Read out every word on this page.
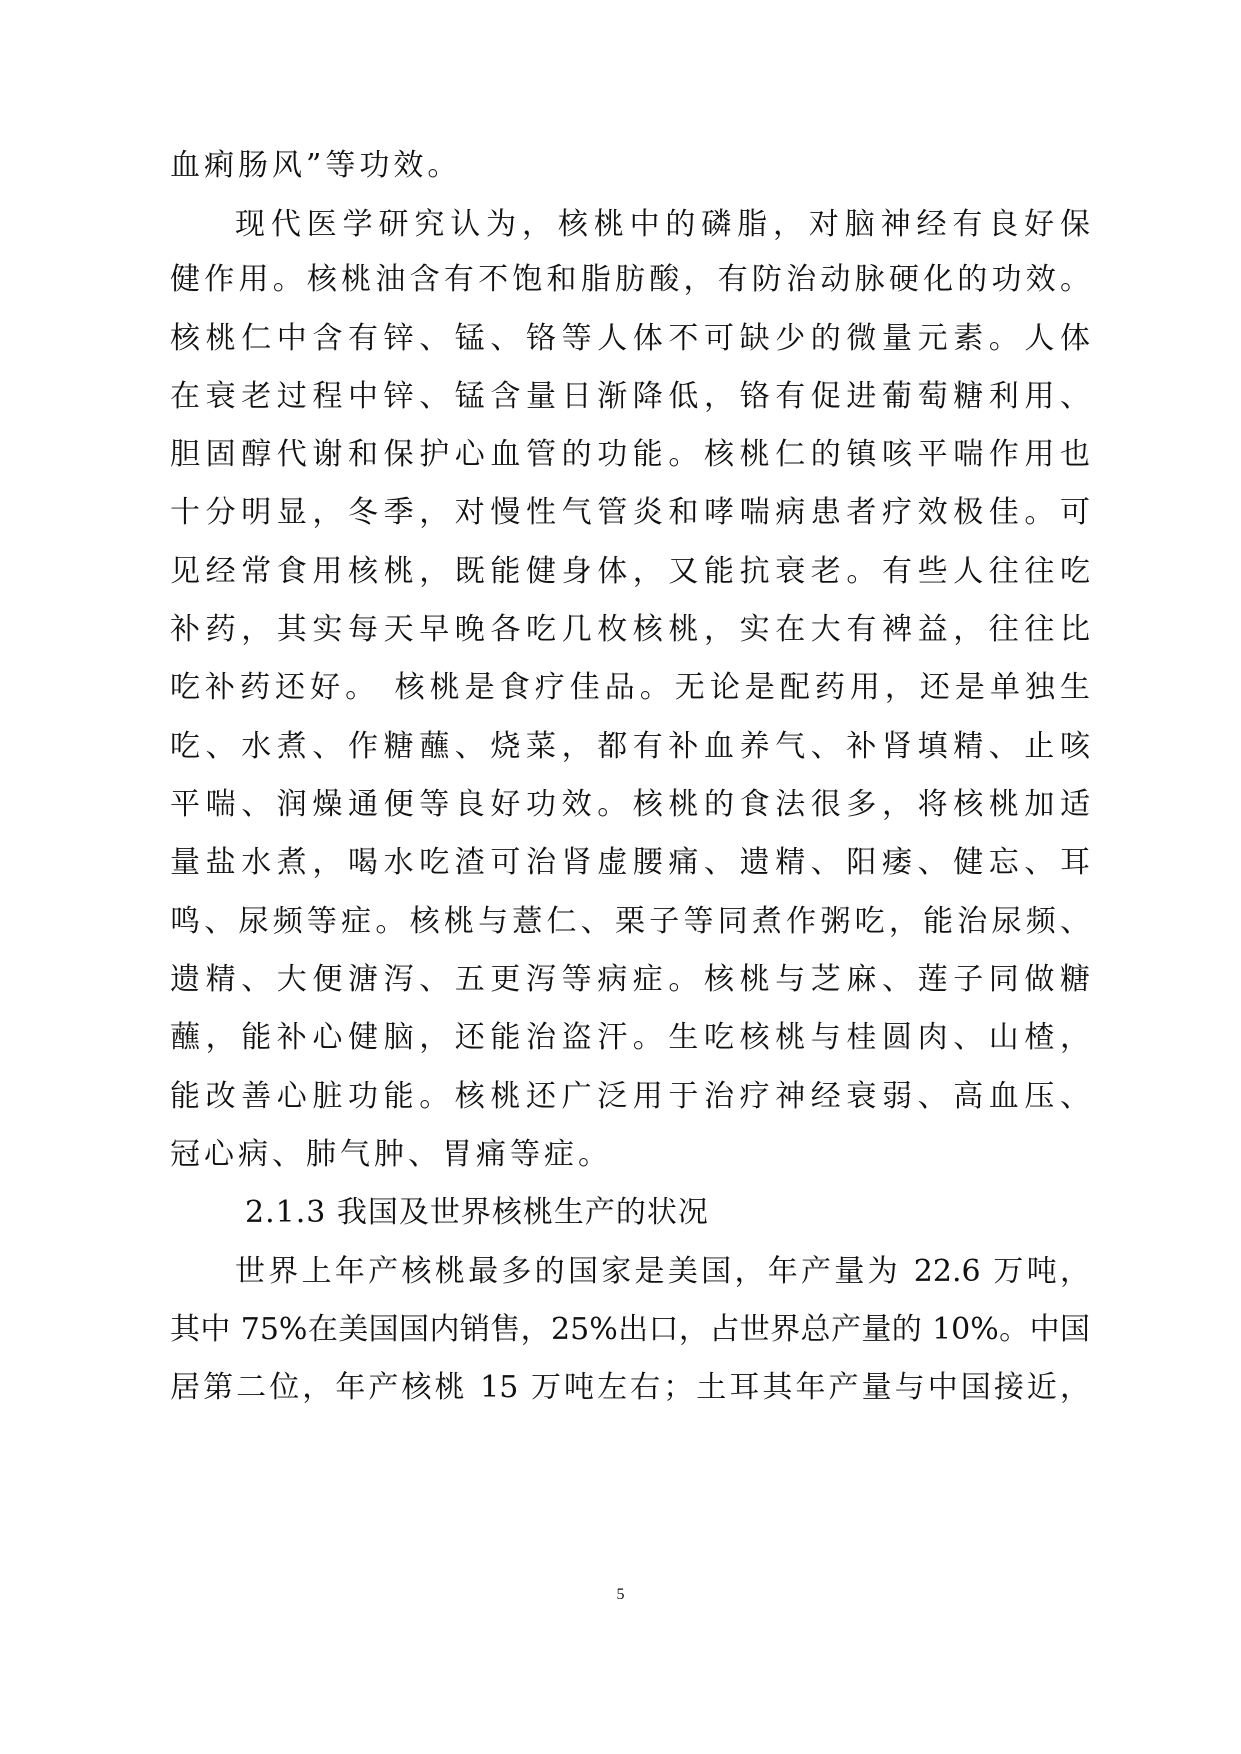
血痢肠风”等功效。
现代医学研究认为，核桃中的磷脂，对脑神经有良好保
健作用。核桃油含有不饱和脂肪酸，有防治动脉硬化的功效。
核桃仁中含有锌、锰、铬等人体不可缺少的微量元素。人体
在衰老过程中锌、锰含量日渐降低，铬有促进葡萄糖利用、
胆固醇代谢和保护心血管的功能。核桃仁的镇咳平喘作用也
十分明显，冬季，对慢性气管炎和哮喘病患者疗效极佳。可
见经常食用核桃，既能健身体，又能抗衰老。有些人往往吃
补药，其实每天早晚各吃几枚核桃，实在大有裨益，往往比
吃补药还好。 核桃是食疗佳品。无论是配药用，还是单独生
吃、水煮、作糖蘸、烧菜，都有补血养气、补肾填精、止咳
平喘、润燥通便等良好功效。核桃的食法很多，将核桃加适
量盐水煮，喝水吃渣可治肾虚腰痛、遗精、阳痿、健忘、耳
鸣、尿频等症。核桃与薏仁、栗子等同煮作粥吃，能治尿频、
遗精、大便溏泻、五更泻等病症。核桃与芝麻、莲子同做糖
蘸，能补心健脑，还能治盗汗。生吃核桃与桂圆肉、山楂，
能改善心脏功能。核桃还广泛用于治疗神经衰弱、高血压、
冠心病、肺气肿、胃痛等症。
2.1.3 我国及世界核桃生产的状况
世界上年产核桃最多的国家是美国，年产量为 22.6 万吨，
其中 75%在美国国内销售，25%出口，占世界总产量的 10%。中国
居第二位，年产核桃 15 万吨左右；土耳其年产量与中国接近，
5
